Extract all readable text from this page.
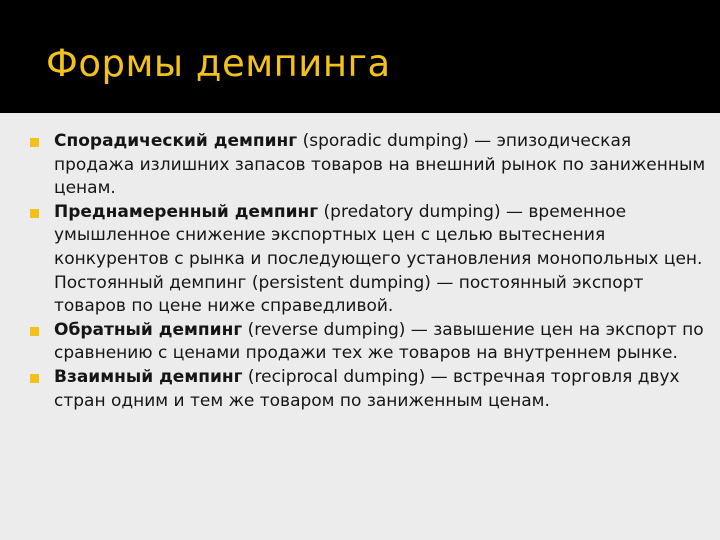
Формы демпинга
Спорадический демпинг (sporadic dumping) — эпизодическая продажа излишних запасов товаров на внешний рынок по заниженным ценам.
Преднамеренный демпинг (predatory dumping) — временное умышленное снижение экспортных цен с целью вытеснения конкурентов с рынка и последующего установления монопольных цен. Постоянный демпинг (persistent dumping) — постоянный экспорт товаров по цене ниже справедливой.
Обратный демпинг (reverse dumping) — завышение цен на экспорт по сравнению с ценами продажи тех же товаров на внутреннем рынке.
Взаимный демпинг (reciprocal dumping) — встречная торговля двух стран одним и тем же товаром по заниженным ценам.
